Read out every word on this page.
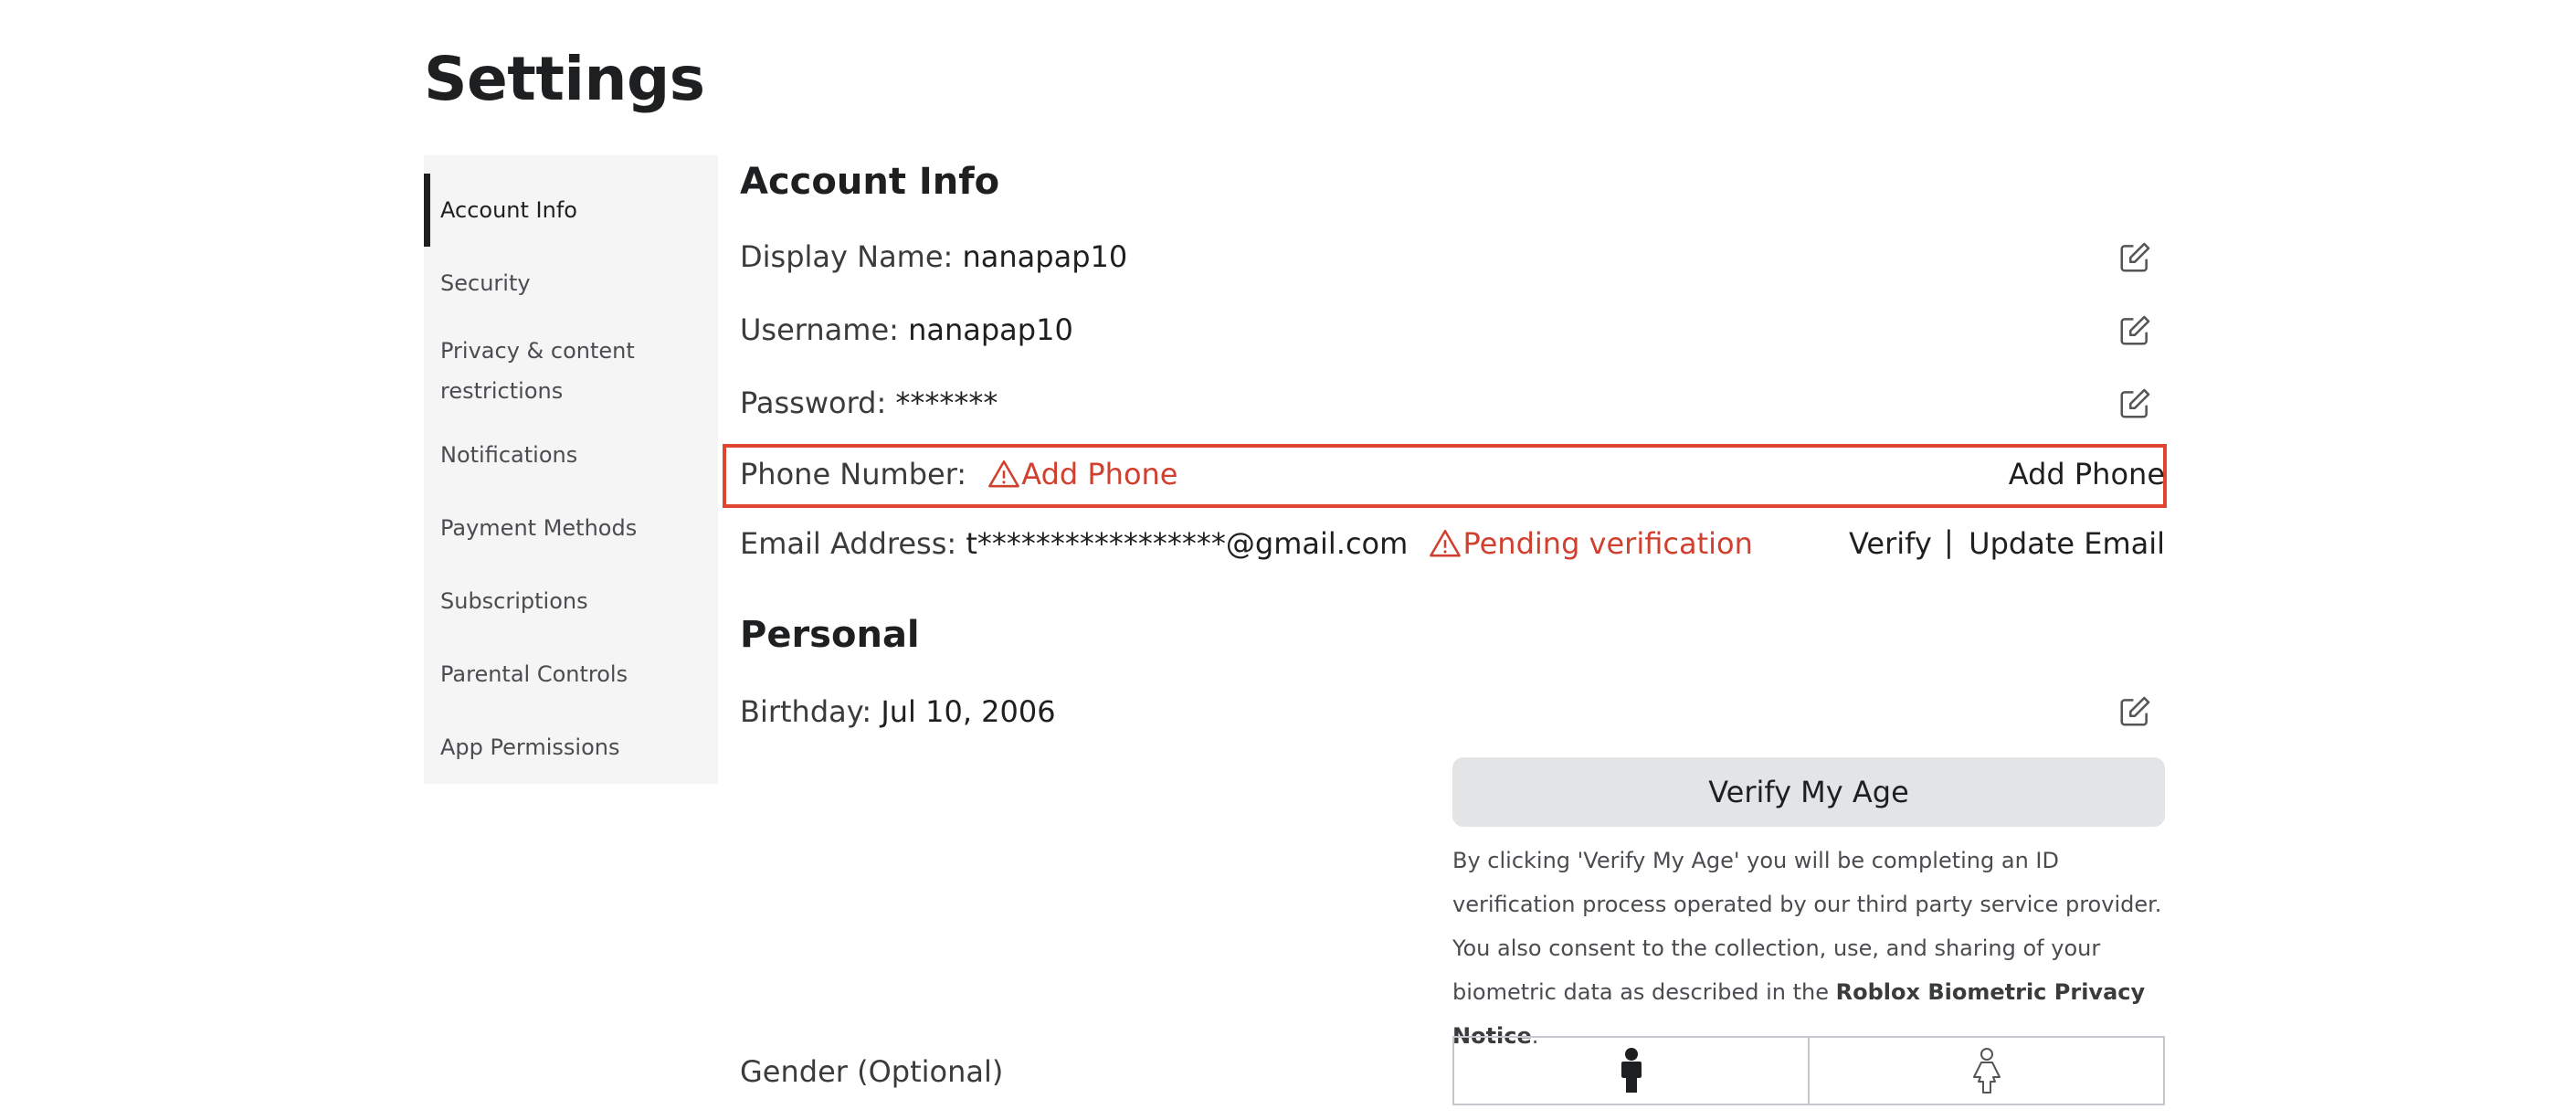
Settings
Account Info
Security
Privacy & content restrictions
Notifications
Payment Methods
Subscriptions
Parental Controls
App Permissions
Account Info
Display Name: nanapap10
Username: nanapap10
Password: *******
Phone Number: Add Phone	Add Phone
Email Address: t*****************@gmail.com Pending verification	Verify | Update Email
Personal
Birthday: Jul 10, 2006
Verify My Age
By clicking 'Verify My Age' you will be completing an ID verification process operated by our third party service provider. You also consent to the collection, use, and sharing of your biometric data as described in the Roblox Biometric Privacy Notice.
Gender (Optional)
